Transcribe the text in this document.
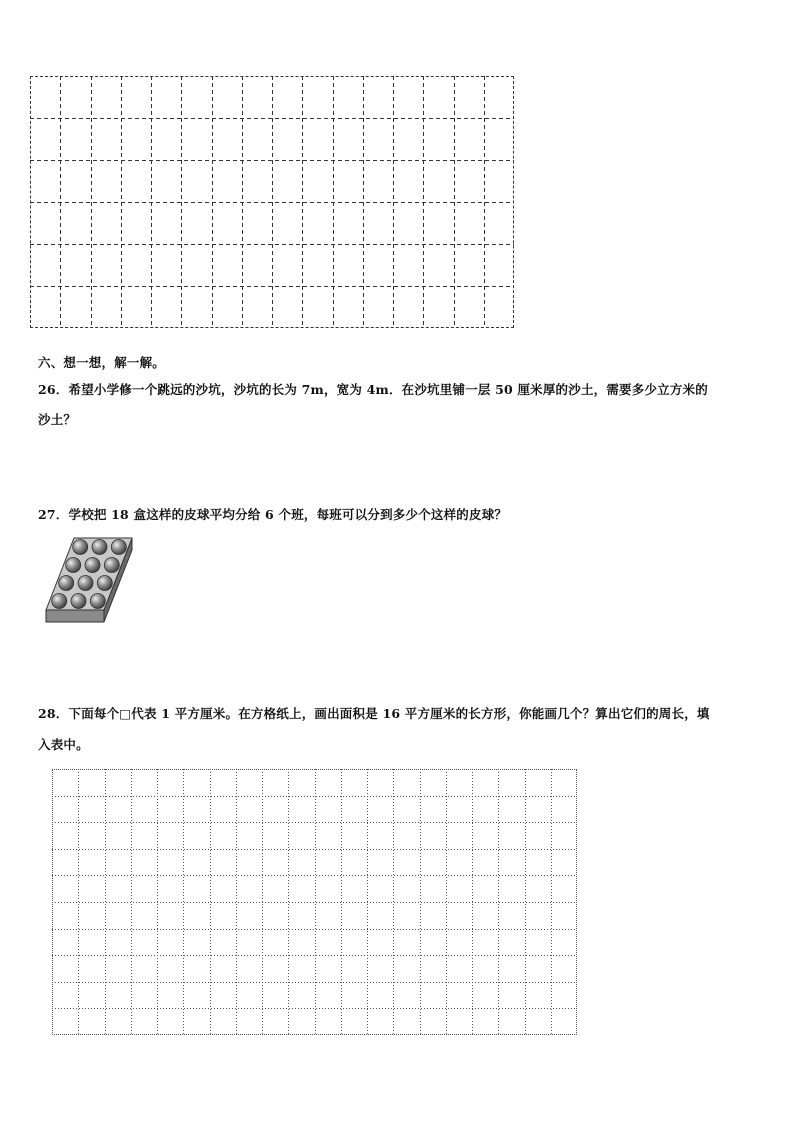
六、想一想，解一解。
26．希望小学修一个跳远的沙坑，沙坑的长为 7m，宽为 4m．在沙坑里铺一层 50 厘米厚的沙土，需要多少立方米的
沙土？
27．学校把 18 盒这样的皮球平均分给 6 个班，每班可以分到多少个这样的皮球？
28．下面每个□代表 1 平方厘米。在方格纸上，画出面积是 16 平方厘米的长方形，你能画几个？算出它们的周长，填
入表中。
